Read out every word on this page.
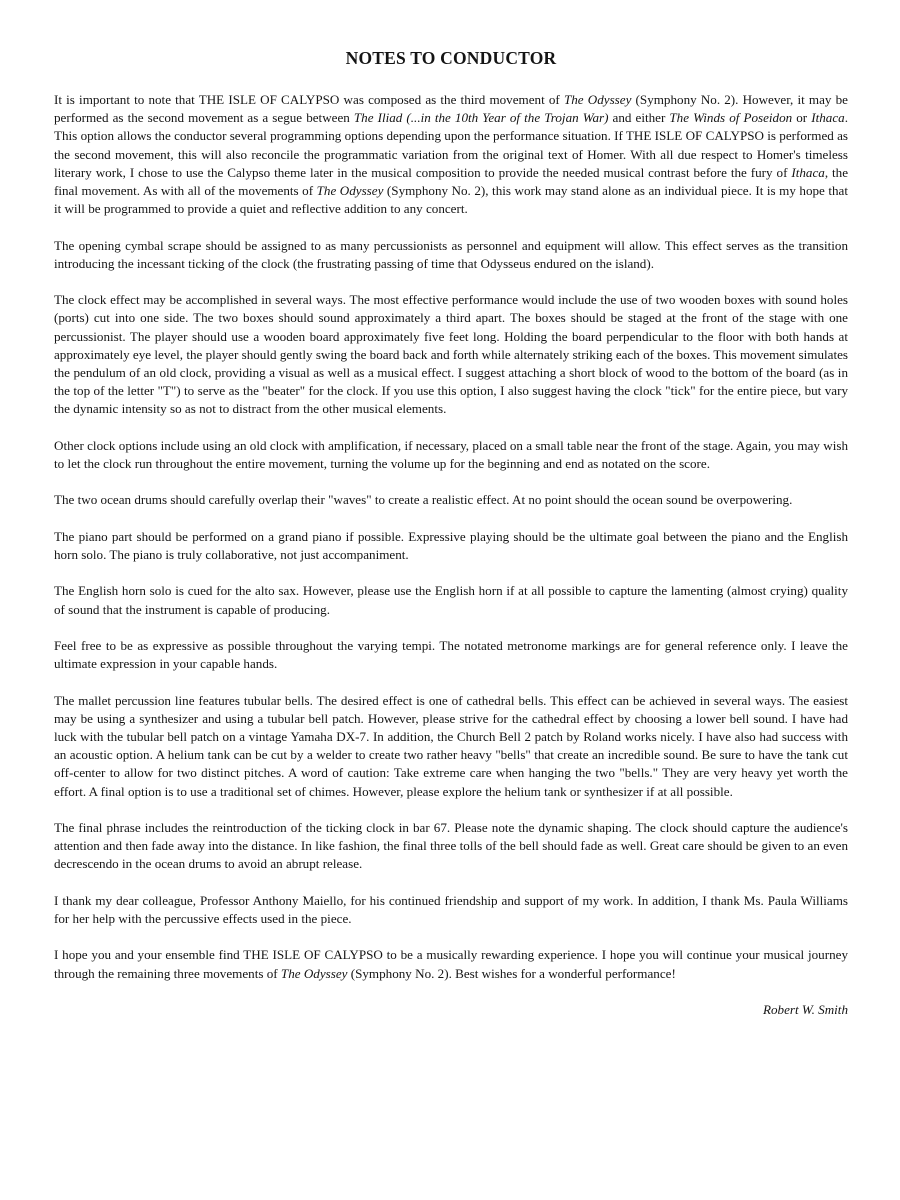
NOTES TO CONDUCTOR

It is important to note that THE ISLE OF CALYPSO was composed as the third movement of The Odyssey (Symphony No. 2). However, it may be performed as the second movement as a segue between The Iliad (...in the 10th Year of the Trojan War) and either The Winds of Poseidon or Ithaca. This option allows the conductor several programming options depending upon the performance situation. If THE ISLE OF CALYPSO is performed as the second movement, this will also reconcile the programmatic variation from the original text of Homer. With all due respect to Homer's timeless literary work, I chose to use the Calypso theme later in the musical composition to provide the needed musical contrast before the fury of Ithaca, the final movement. As with all of the movements of The Odyssey (Symphony No. 2), this work may stand alone as an individual piece. It is my hope that it will be programmed to provide a quiet and reflective addition to any concert.

The opening cymbal scrape should be assigned to as many percussionists as personnel and equipment will allow. This effect serves as the transition introducing the incessant ticking of the clock (the frustrating passing of time that Odysseus endured on the island).

The clock effect may be accomplished in several ways. The most effective performance would include the use of two wooden boxes with sound holes (ports) cut into one side. The two boxes should sound approximately a third apart. The boxes should be staged at the front of the stage with one percussionist. The player should use a wooden board approximately five feet long. Holding the board perpendicular to the floor with both hands at approximately eye level, the player should gently swing the board back and forth while alternately striking each of the boxes. This movement simulates the pendulum of an old clock, providing a visual as well as a musical effect. I suggest attaching a short block of wood to the bottom of the board (as in the top of the letter "T") to serve as the "beater" for the clock. If you use this option, I also suggest having the clock "tick" for the entire piece, but vary the dynamic intensity so as not to distract from the other musical elements.

Other clock options include using an old clock with amplification, if necessary, placed on a small table near the front of the stage. Again, you may wish to let the clock run throughout the entire movement, turning the volume up for the beginning and end as notated on the score.

The two ocean drums should carefully overlap their "waves" to create a realistic effect. At no point should the ocean sound be overpowering.

The piano part should be performed on a grand piano if possible. Expressive playing should be the ultimate goal between the piano and the English horn solo. The piano is truly collaborative, not just accompaniment.

The English horn solo is cued for the alto sax. However, please use the English horn if at all possible to capture the lamenting (almost crying) quality of sound that the instrument is capable of producing.

Feel free to be as expressive as possible throughout the varying tempi. The notated metronome markings are for general reference only. I leave the ultimate expression in your capable hands.

The mallet percussion line features tubular bells. The desired effect is one of cathedral bells. This effect can be achieved in several ways. The easiest may be using a synthesizer and using a tubular bell patch. However, please strive for the cathedral effect by choosing a lower bell sound. I have had luck with the tubular bell patch on a vintage Yamaha DX-7. In addition, the Church Bell 2 patch by Roland works nicely. I have also had success with an acoustic option. A helium tank can be cut by a welder to create two rather heavy "bells" that create an incredible sound. Be sure to have the tank cut off-center to allow for two distinct pitches. A word of caution: Take extreme care when hanging the two "bells." They are very heavy yet worth the effort. A final option is to use a traditional set of chimes. However, please explore the helium tank or synthesizer if at all possible.

The final phrase includes the reintroduction of the ticking clock in bar 67. Please note the dynamic shaping. The clock should capture the audience's attention and then fade away into the distance. In like fashion, the final three tolls of the bell should fade as well. Great care should be given to an even decrescendo in the ocean drums to avoid an abrupt release.

I thank my dear colleague, Professor Anthony Maiello, for his continued friendship and support of my work. In addition, I thank Ms. Paula Williams for her help with the percussive effects used in the piece.

I hope you and your ensemble find THE ISLE OF CALYPSO to be a musically rewarding experience. I hope you will continue your musical journey through the remaining three movements of The Odyssey (Symphony No. 2). Best wishes for a wonderful performance!

Robert W. Smith
